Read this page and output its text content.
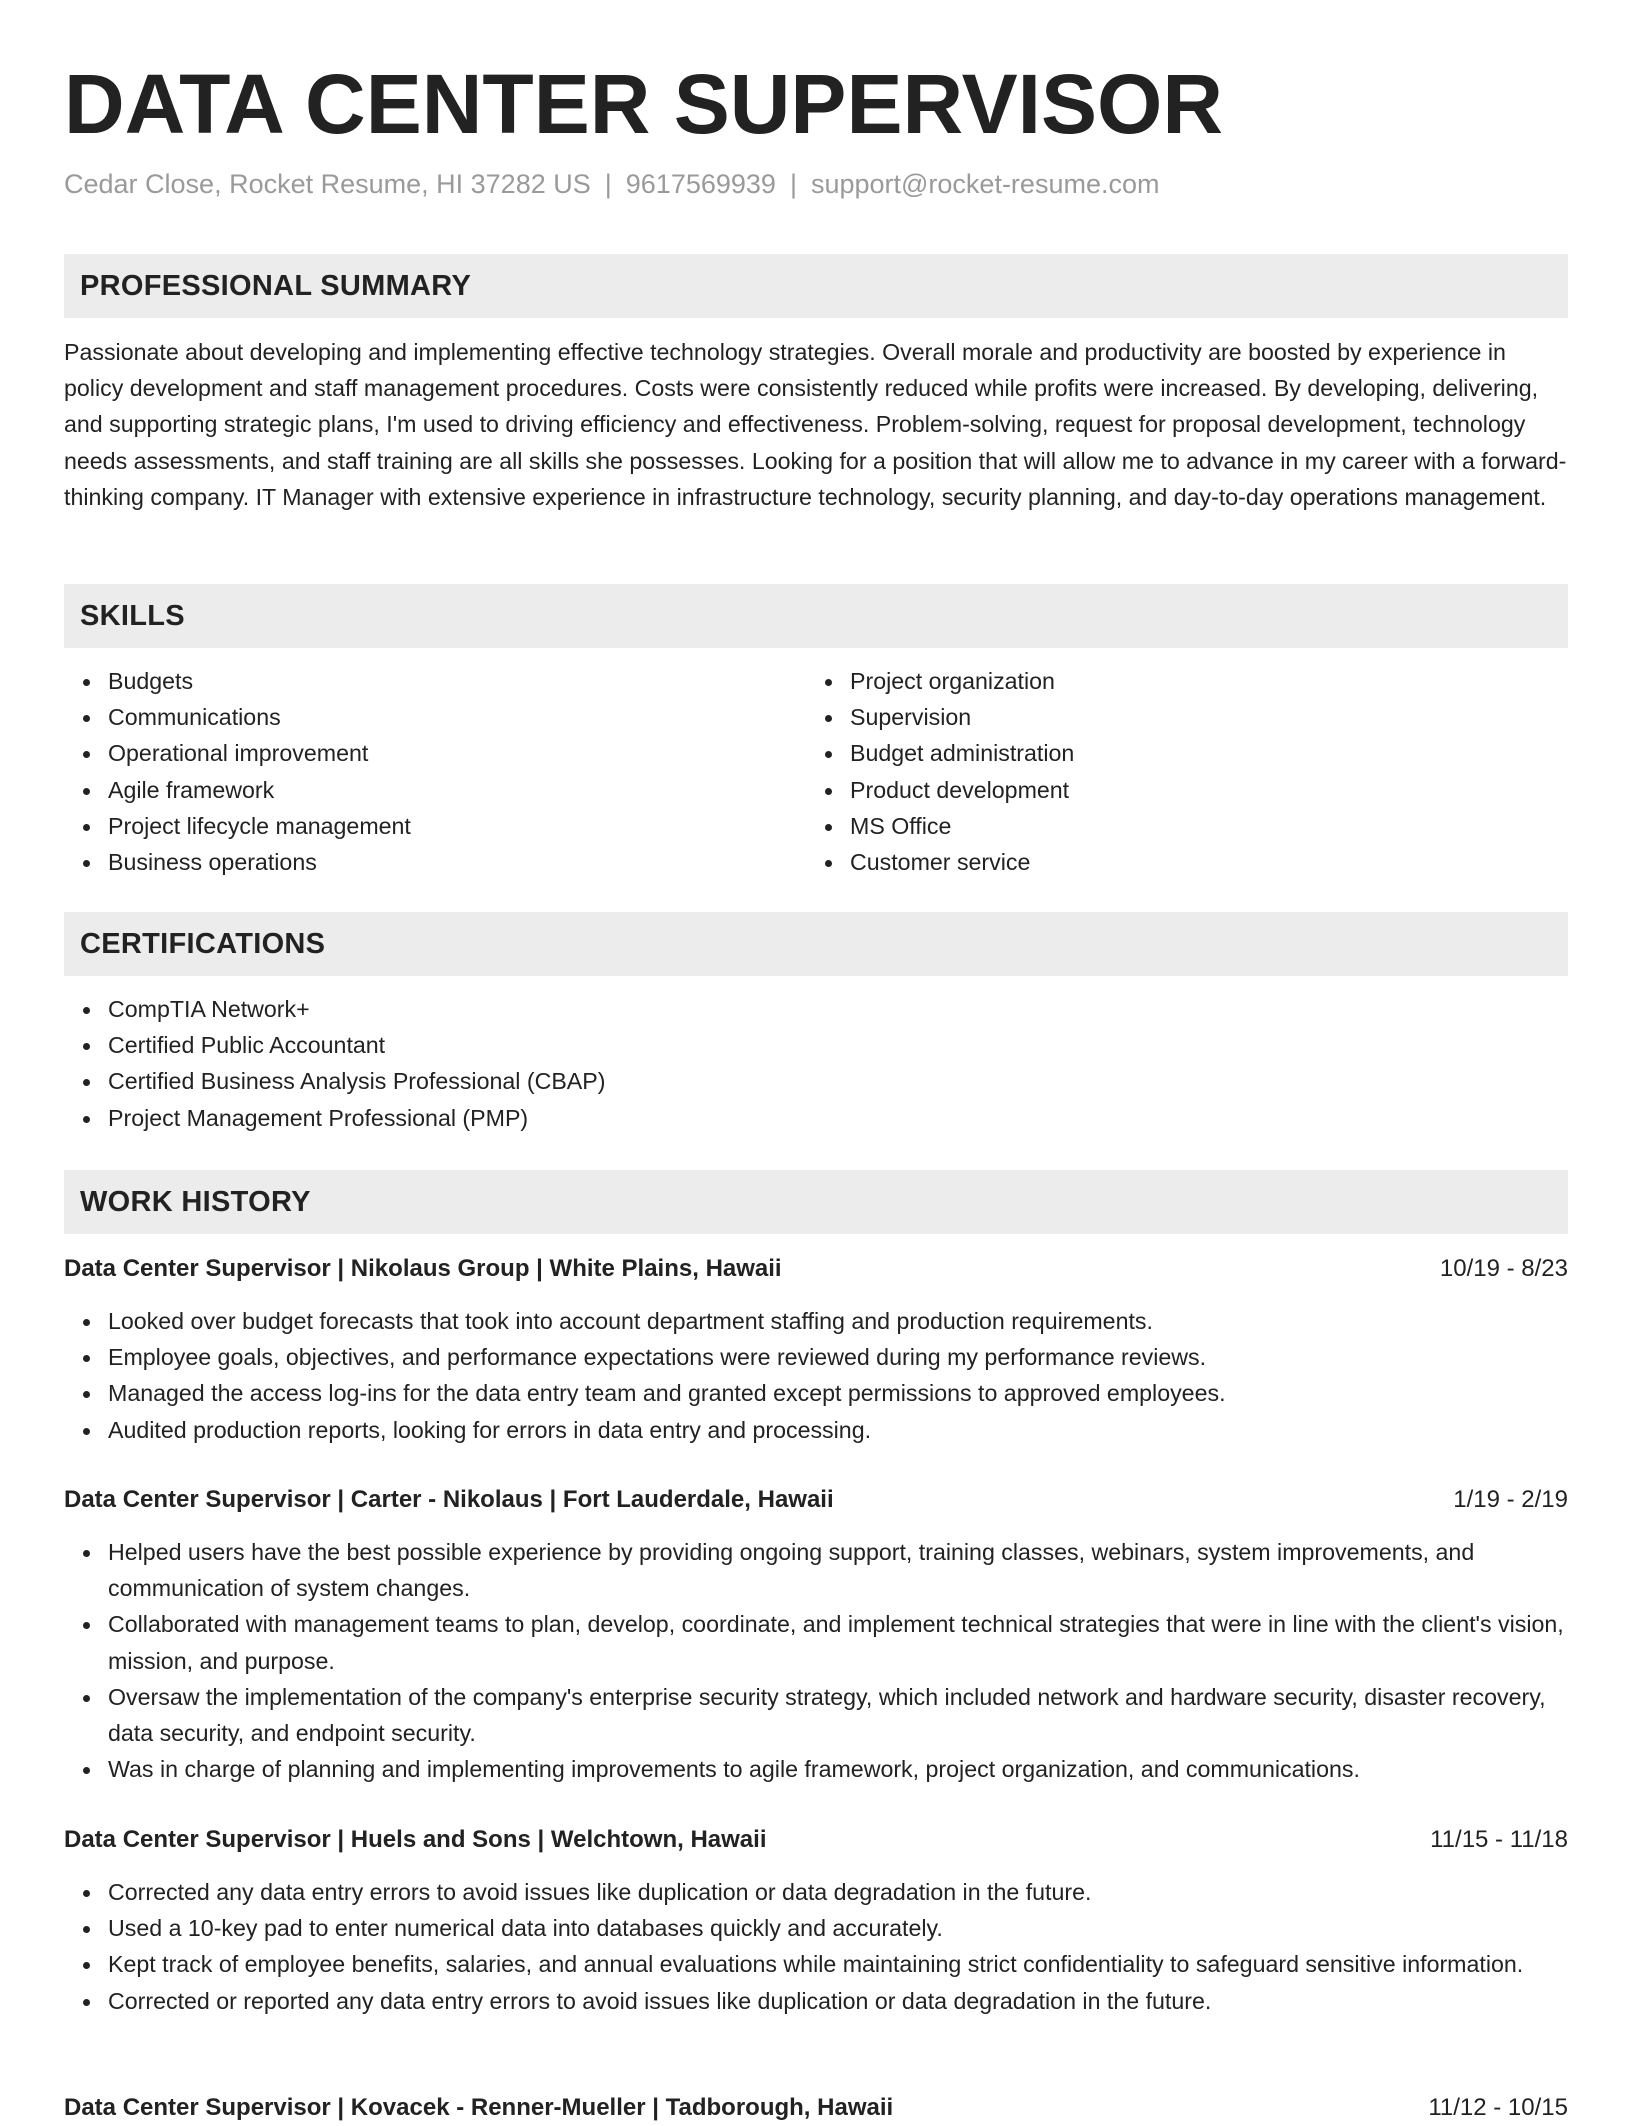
DATA CENTER SUPERVISOR
Cedar Close, Rocket Resume, HI 37282 US | 9617569939 | support@rocket-resume.com
PROFESSIONAL SUMMARY

Passionate about developing and implementing effective technology strategies. Overall morale and productivity are boosted by experience in policy development and staff management procedures. Costs were consistently reduced while profits were increased. By developing, delivering, and supporting strategic plans, I'm used to driving efficiency and effectiveness. Problem-solving, request for proposal development, technology needs assessments, and staff training are all skills she possesses. Looking for a position that will allow me to advance in my career with a forward-thinking company. IT Manager with extensive experience in infrastructure technology, security planning, and day-to-day operations management.

SKILLS
Budgets
Communications
Operational improvement
Agile framework
Project lifecycle management
Business operations
Project organization
Supervision
Budget administration
Product development
MS Office
Customer service
CERTIFICATIONS
CompTIA Network+
Certified Public Accountant
Certified Business Analysis Professional (CBAP)
Project Management Professional (PMP)
WORK HISTORY
Data Center Supervisor | Nikolaus Group | White Plains, Hawaii	10/19 - 8/23
Looked over budget forecasts that took into account department staffing and production requirements.
Employee goals, objectives, and performance expectations were reviewed during my performance reviews.
Managed the access log-ins for the data entry team and granted except permissions to approved employees.
Audited production reports, looking for errors in data entry and processing.
Data Center Supervisor | Carter - Nikolaus | Fort Lauderdale, Hawaii	1/19 - 2/19
Helped users have the best possible experience by providing ongoing support, training classes, webinars, system improvements, and communication of system changes.
Collaborated with management teams to plan, develop, coordinate, and implement technical strategies that were in line with the client's vision, mission, and purpose.
Oversaw the implementation of the company's enterprise security strategy, which included network and hardware security, disaster recovery, data security, and endpoint security.
Was in charge of planning and implementing improvements to agile framework, project organization, and communications.
Data Center Supervisor | Huels and Sons | Welchtown, Hawaii	11/15 - 11/18
Corrected any data entry errors to avoid issues like duplication or data degradation in the future.
Used a 10-key pad to enter numerical data into databases quickly and accurately.
Kept track of employee benefits, salaries, and annual evaluations while maintaining strict confidentiality to safeguard sensitive information.
Corrected or reported any data entry errors to avoid issues like duplication or data degradation in the future.
Data Center Supervisor | Kovacek - Renner-Mueller | Tadborough, Hawaii	11/12 - 10/15
